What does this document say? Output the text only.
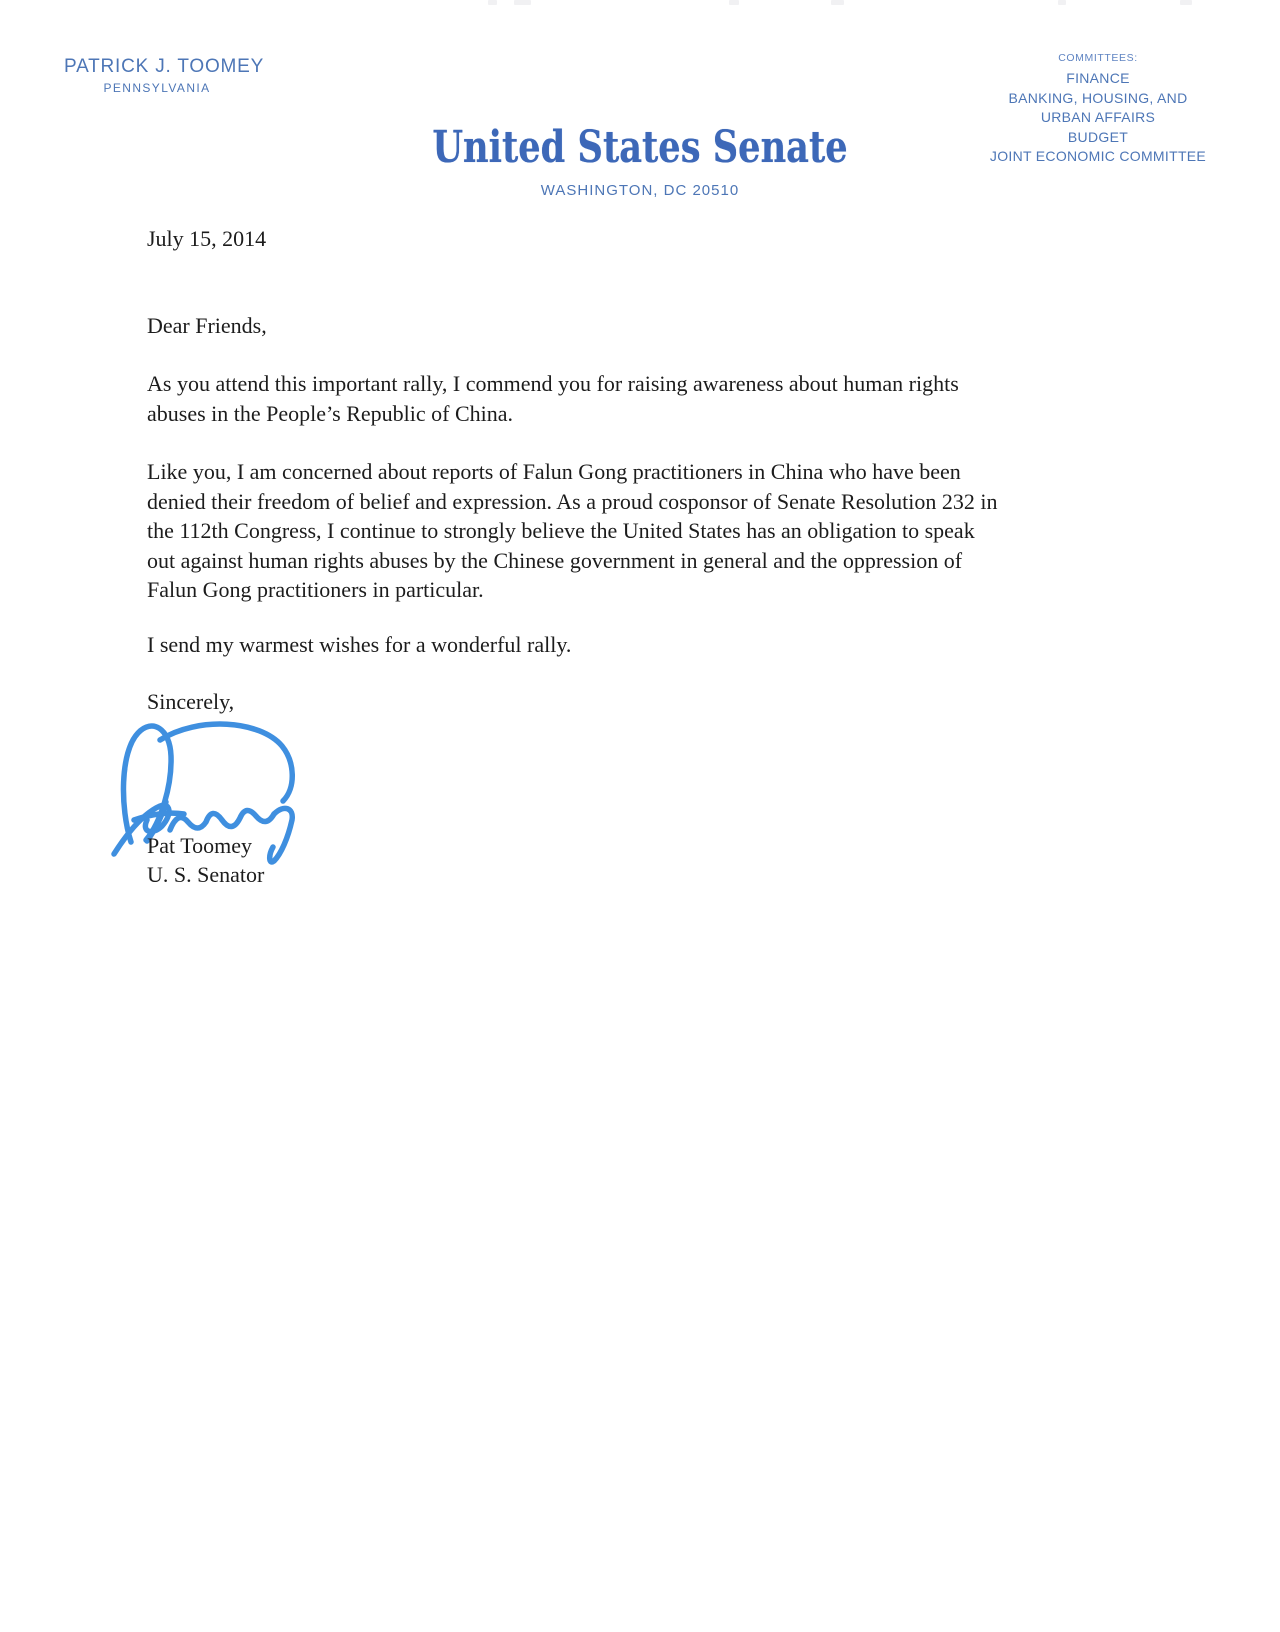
PATRICK J. TOOMEY
PENNSYLVANIA
COMMITTEES:
FINANCE
BANKING, HOUSING, AND
URBAN AFFAIRS
BUDGET
JOINT ECONOMIC COMMITTEE
United States Senate
WASHINGTON, DC 20510
July 15, 2014
Dear Friends,
As you attend this important rally, I commend you for raising awareness about human rights
abuses in the People’s Republic of China.
Like you, I am concerned about reports of Falun Gong practitioners in China who have been
denied their freedom of belief and expression. As a proud cosponsor of Senate Resolution 232 in
the 112th Congress, I continue to strongly believe the United States has an obligation to speak
out against human rights abuses by the Chinese government in general and the oppression of
Falun Gong practitioners in particular.
I send my warmest wishes for a wonderful rally.
Sincerely,
Pat Toomey
U. S. Senator
